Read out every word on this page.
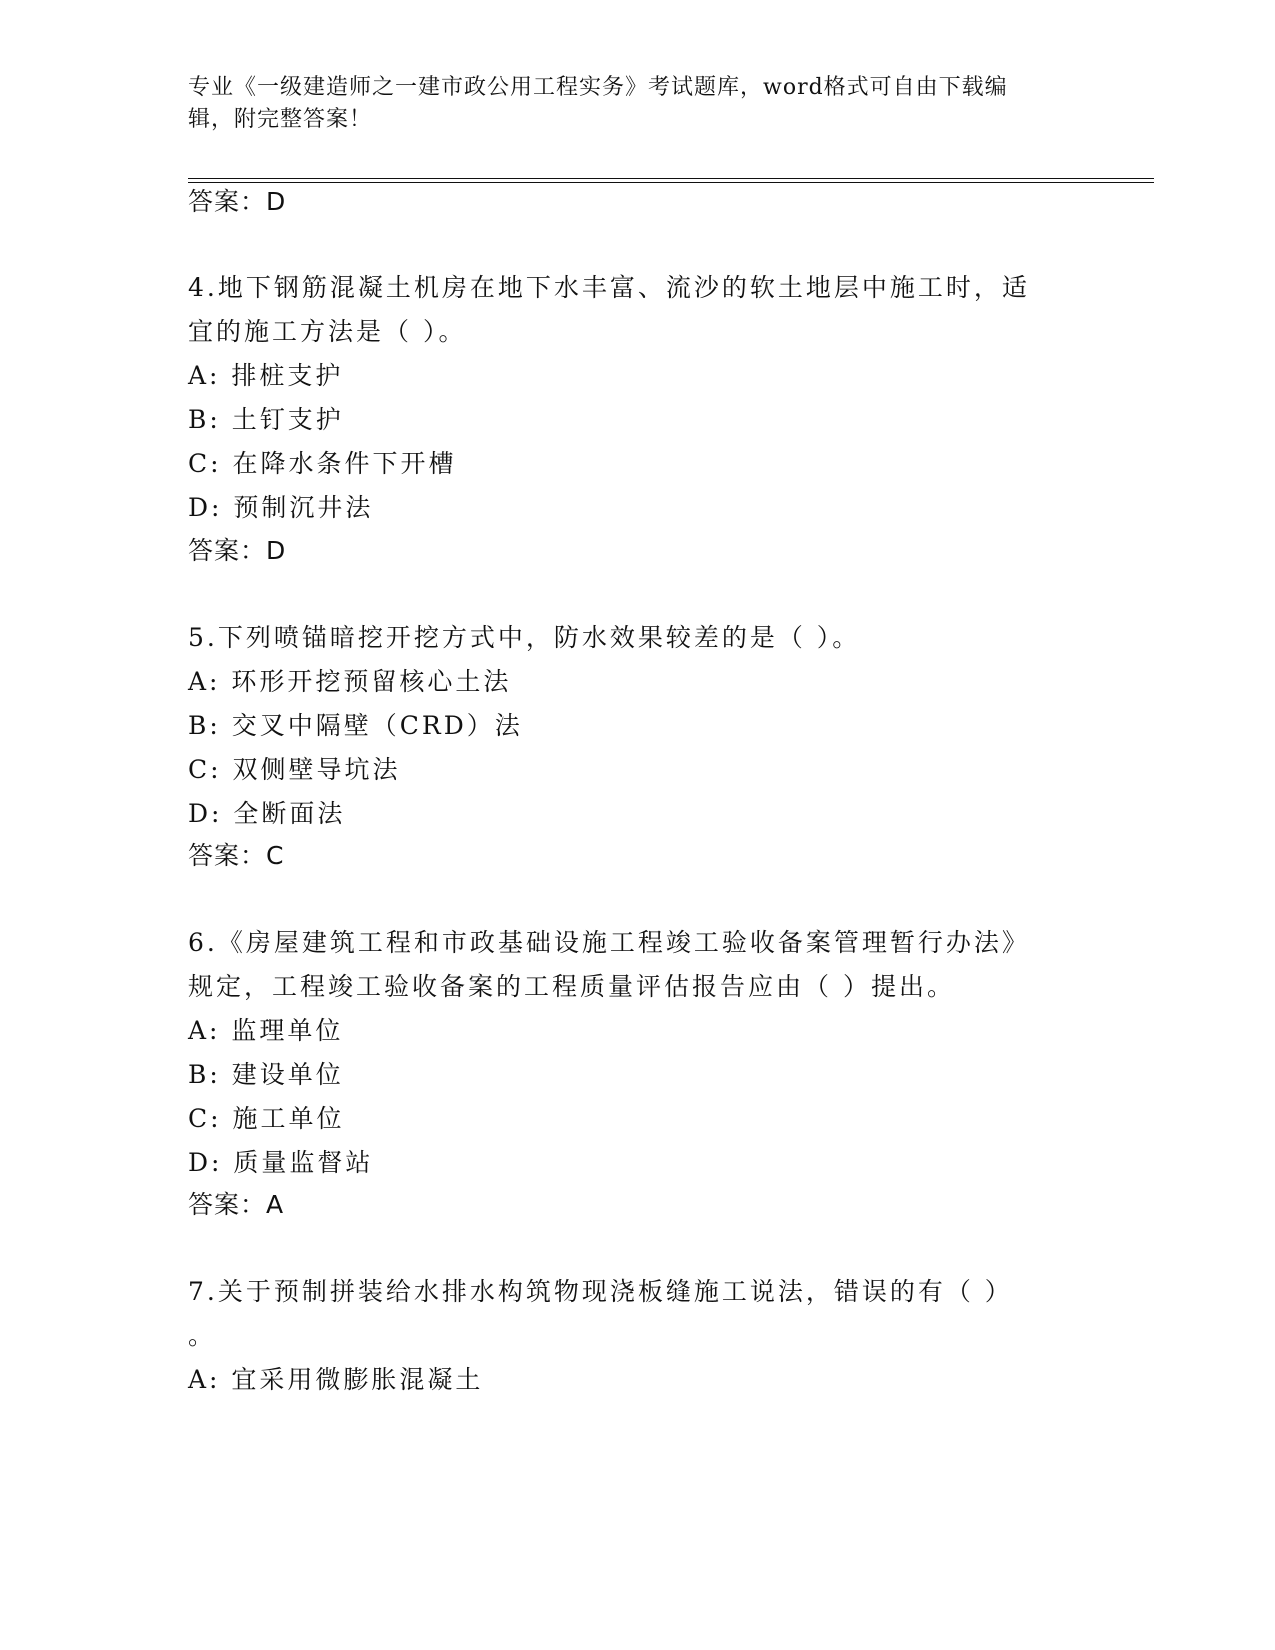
专业《一级建造师之一建市政公用工程实务》考试题库，word格式可自由下载编
辑，附完整答案！
答案：D
4.地下钢筋混凝土机房在地下水丰富、流沙的软土地层中施工时，适
宜的施工方法是（ ）。
A: 排桩支护
B: 土钉支护
C: 在降水条件下开槽
D: 预制沉井法
答案：D
5.下列喷锚暗挖开挖方式中，防水效果较差的是（ ）。
A: 环形开挖预留核心土法
B: 交叉中隔壁（CRD）法
C: 双侧壁导坑法
D: 全断面法
答案：C
6.《房屋建筑工程和市政基础设施工程竣工验收备案管理暂行办法》
规定，工程竣工验收备案的工程质量评估报告应由（ ）提出。
A: 监理单位
B: 建设单位
C: 施工单位
D: 质量监督站
答案：A
7.关于预制拼装给水排水构筑物现浇板缝施工说法，错误的有（ ）
。
A: 宜采用微膨胀混凝土
